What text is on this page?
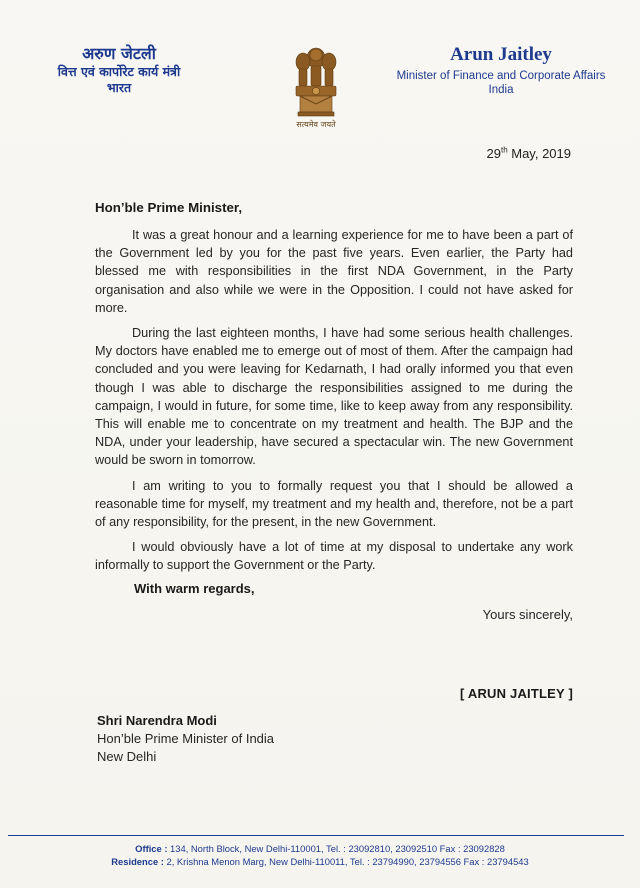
अरुण जेटली
वित्त एवं कार्पोरेट कार्य मंत्री
भारत
सत्यमेव जयते
Arun Jaitley
Minister of Finance and Corporate Affairs
India
29th May, 2019
Hon’ble Prime Minister,

It was a great honour and a learning experience for me to have been a part of the Government led by you for the past five years. Even earlier, the Party had blessed me with responsibilities in the first NDA Government, in the Party organisation and also while we were in the Opposition. I could not have asked for more.

During the last eighteen months, I have had some serious health challenges. My doctors have enabled me to emerge out of most of them. After the campaign had concluded and you were leaving for Kedarnath, I had orally informed you that even though I was able to discharge the responsibilities assigned to me during the campaign, I would in future, for some time, like to keep away from any responsibility. This will enable me to concentrate on my treatment and health. The BJP and the NDA, under your leadership, have secured a spectacular win. The new Government would be sworn in tomorrow.

I am writing to you to formally request you that I should be allowed a reasonable time for myself, my treatment and my health and, therefore, not be a part of any responsibility, for the present, in the new Government.

I would obviously have a lot of time at my disposal to undertake any work informally to support the Government or the Party.

With warm regards,
Yours sincerely,
[ ARUN JAITLEY ]
Shri Narendra Modi
Hon’ble Prime Minister of India
New Delhi
Office : 134, North Block, New Delhi-110001, Tel. : 23092810, 23092510 Fax : 23092828
Residence : 2, Krishna Menon Marg, New Delhi-110011, Tel. : 23794990, 23794556 Fax : 23794543
